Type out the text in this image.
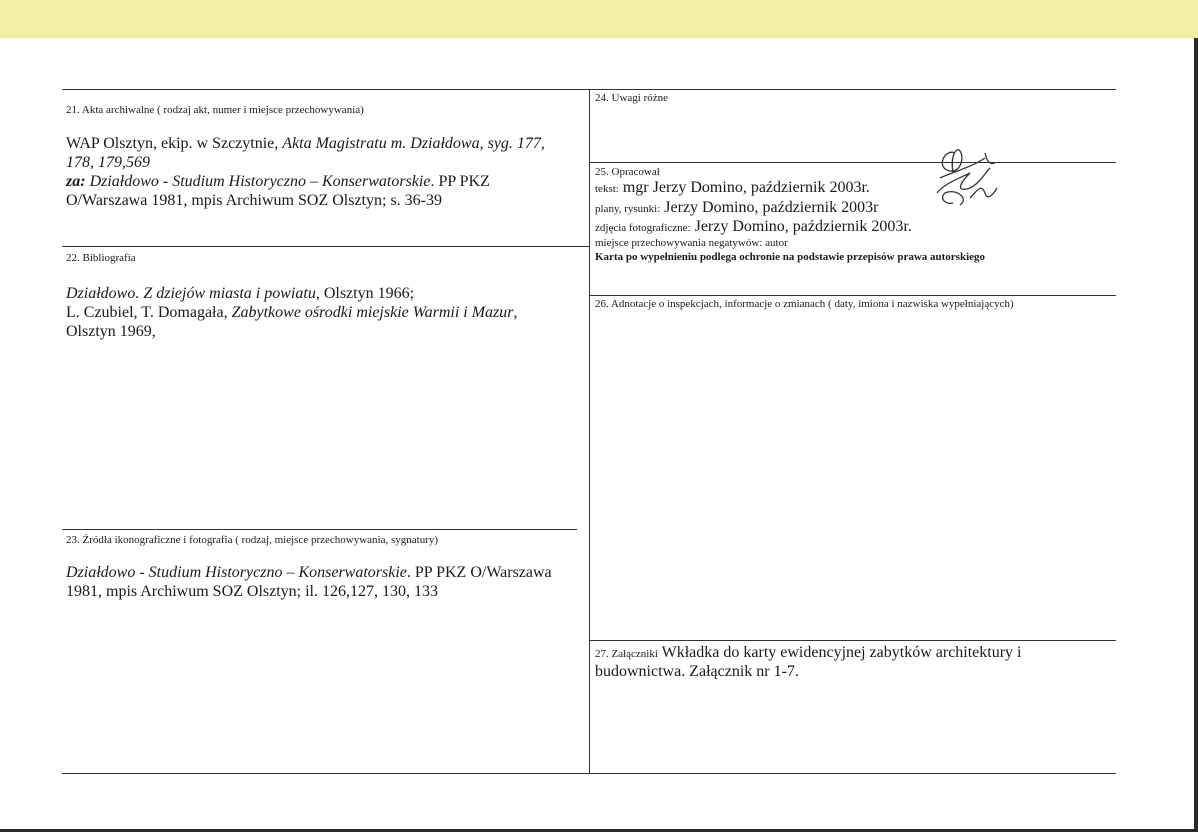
21. Akta archiwalne ( rodzaj akt, numer i miejsce przechowywania)
WAP Olsztyn, ekip. w Szczytnie, Akta Magistratu m. Działdowa, syg. 177,
178, 179,569
za: Działdowo - Studium Historyczno – Konserwatorskie. PP PKZ
O/Warszawa 1981, mpis Archiwum SOZ Olsztyn; s. 36-39
22. Bibliografia
Działdowo. Z dziejów miasta i powiatu, Olsztyn 1966;
L. Czubiel, T. Domagała, Zabytkowe ośrodki miejskie Warmii i Mazur,
Olsztyn 1969,
23. Źródła ikonograficzne i fotografia ( rodzaj, miejsce przechowywania, sygnatury)
Działdowo - Studium Historyczno – Konserwatorskie. PP PKZ O/Warszawa
1981, mpis Archiwum SOZ Olsztyn; il. 126,127, 130, 133
24. Uwagi różne
25. Opracował
tekst: mgr Jerzy Domino, październik 2003r.
plany, rysunki: Jerzy Domino, październik 2003r
zdjęcia fotograficzne: Jerzy Domino, październik 2003r.
miejsce przechowywania negatywów: autor
Karta po wypełnieniu podlega ochronie na podstawie przepisów prawa autorskiego
26. Adnotacje o inspekcjach, informacje o zmianach ( daty, imiona i nazwiska wypełniających)
27. Załączniki Wkładka do karty ewidencyjnej zabytków architektury i
budownictwa. Załącznik nr 1-7.
